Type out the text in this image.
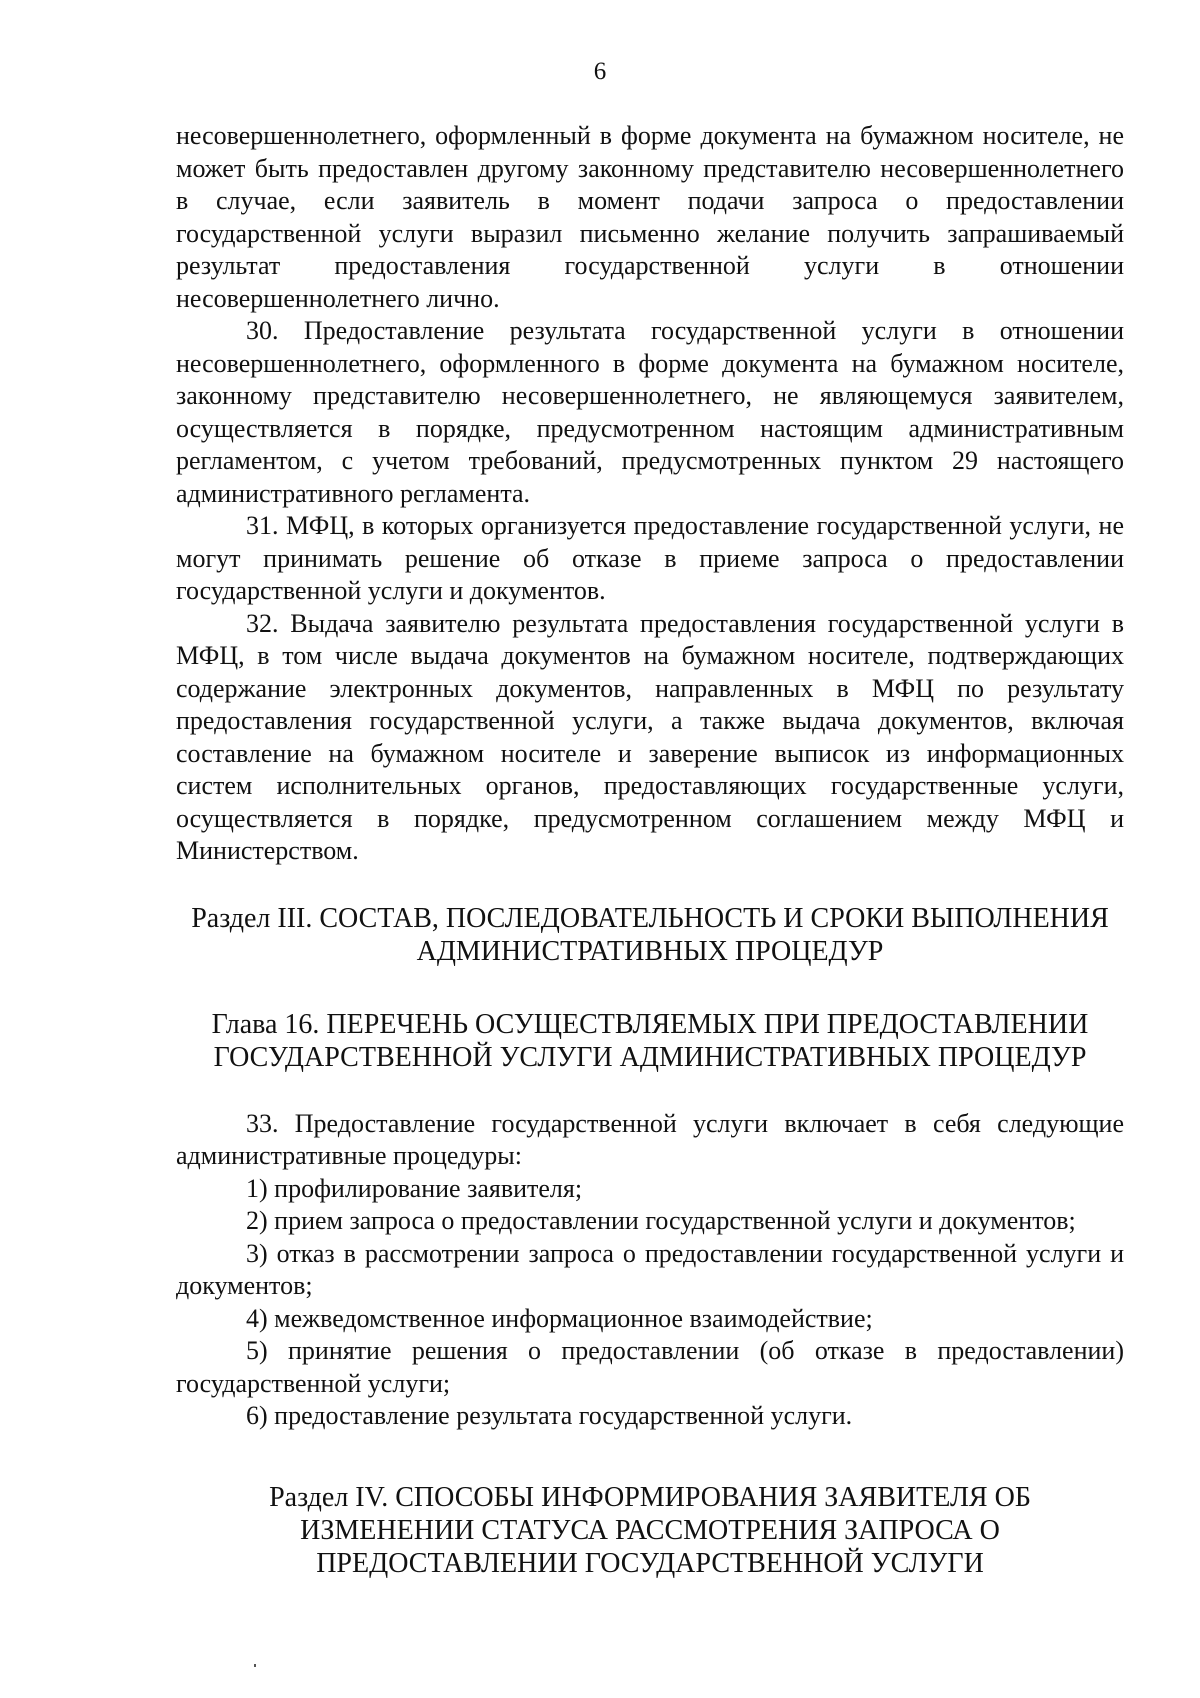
6

несовершеннолетнего, оформленный в форме документа на бумажном носителе, не может быть предоставлен другому законному представителю несовершеннолетнего в случае, если заявитель в момент подачи запроса о предоставлении государственной услуги выразил письменно желание получить запрашиваемый результат предоставления государственной услуги в отношении несовершеннолетнего лично.

30. Предоставление результата государственной услуги в отношении несовершеннолетнего, оформленного в форме документа на бумажном носителе, законному представителю несовершеннолетнего, не являющемуся заявителем, осуществляется в порядке, предусмотренном настоящим административным регламентом, с учетом требований, предусмотренных пунктом 29 настоящего административного регламента.

31. МФЦ, в которых организуется предоставление государственной услуги, не могут принимать решение об отказе в приеме запроса о предоставлении государственной услуги и документов.

32. Выдача заявителю результата предоставления государственной услуги в МФЦ, в том числе выдача документов на бумажном носителе, подтверждающих содержание электронных документов, направленных в МФЦ по результату предоставления государственной услуги, а также выдача документов, включая составление на бумажном носителе и заверение выписок из информационных систем исполнительных органов, предоставляющих государственные услуги, осуществляется в порядке, предусмотренном соглашением между МФЦ и Министерством.

Раздел III. СОСТАВ, ПОСЛЕДОВАТЕЛЬНОСТЬ И СРОКИ ВЫПОЛНЕНИЯ
АДМИНИСТРАТИВНЫХ ПРОЦЕДУР
Глава 16. ПЕРЕЧЕНЬ ОСУЩЕСТВЛЯЕМЫХ ПРИ ПРЕДОСТАВЛЕНИИ
ГОСУДАРСТВЕННОЙ УСЛУГИ АДМИНИСТРАТИВНЫХ ПРОЦЕДУР

33. Предоставление государственной услуги включает в себя следующие административные процедуры:

1) профилирование заявителя;

2) прием запроса о предоставлении государственной услуги и документов;

3) отказ в рассмотрении запроса о предоставлении государственной услуги и документов;

4) межведомственное информационное взаимодействие;

5) принятие решения о предоставлении (об отказе в предоставлении) государственной услуги;

6) предоставление результата государственной услуги.

Раздел IV. СПОСОБЫ ИНФОРМИРОВАНИЯ ЗАЯВИТЕЛЯ ОБ
ИЗМЕНЕНИИ СТАТУСА РАССМОТРЕНИЯ ЗАПРОСА О
ПРЕДОСТАВЛЕНИИ ГОСУДАРСТВЕННОЙ УСЛУГИ
